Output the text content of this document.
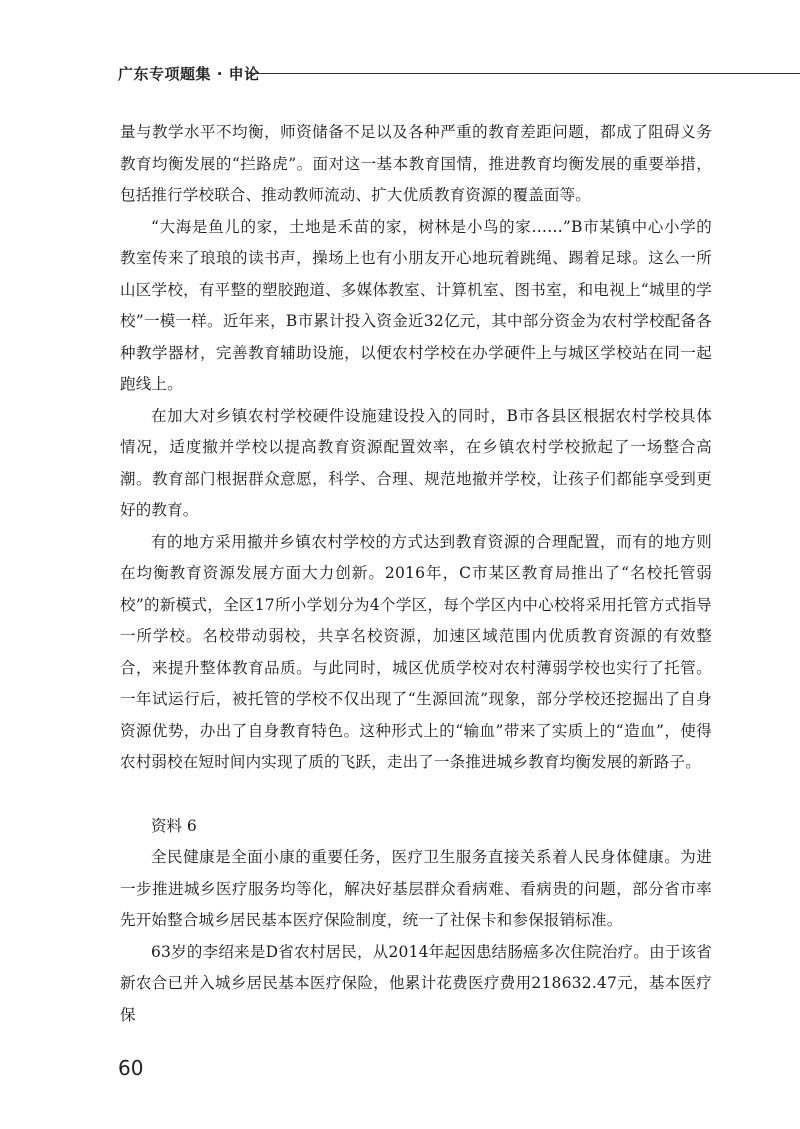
广东专项题集 · 申论

量与教学水平不均衡，师资储备不足以及各种严重的教育差距问题，都成了阻碍义务教育均衡发展的“拦路虎”。面对这一基本教育国情，推进教育均衡发展的重要举措，包括推行学校联合、推动教师流动、扩大优质教育资源的覆盖面等。

“大海是鱼儿的家，土地是禾苗的家，树林是小鸟的家……”B市某镇中心小学的教室传来了琅琅的读书声，操场上也有小朋友开心地玩着跳绳、踢着足球。这么一所山区学校，有平整的塑胶跑道、多媒体教室、计算机室、图书室，和电视上“城里的学校”一模一样。近年来，B市累计投入资金近32亿元，其中部分资金为农村学校配备各种教学器材，完善教育辅助设施，以便农村学校在办学硬件上与城区学校站在同一起跑线上。

在加大对乡镇农村学校硬件设施建设投入的同时，B市各县区根据农村学校具体情况，适度撤并学校以提高教育资源配置效率，在乡镇农村学校掀起了一场整合高潮。教育部门根据群众意愿，科学、合理、规范地撤并学校，让孩子们都能享受到更好的教育。

有的地方采用撤并乡镇农村学校的方式达到教育资源的合理配置，而有的地方则在均衡教育资源发展方面大力创新。2016年，C市某区教育局推出了“名校托管弱校”的新模式，全区17所小学划分为4个学区，每个学区内中心校将采用托管方式指导一所学校。名校带动弱校，共享名校资源，加速区域范围内优质教育资源的有效整合，来提升整体教育品质。与此同时，城区优质学校对农村薄弱学校也实行了托管。一年试运行后，被托管的学校不仅出现了“生源回流”现象，部分学校还挖掘出了自身资源优势，办出了自身教育特色。这种形式上的“输血”带来了实质上的“造血”，使得农村弱校在短时间内实现了质的飞跃，走出了一条推进城乡教育均衡发展的新路子。

资料 6

全民健康是全面小康的重要任务，医疗卫生服务直接关系着人民身体健康。为进一步推进城乡医疗服务均等化，解决好基层群众看病难、看病贵的问题，部分省市率先开始整合城乡居民基本医疗保险制度，统一了社保卡和参保报销标准。

63岁的李绍来是D省农村居民，从2014年起因患结肠癌多次住院治疗。由于该省新农合已并入城乡居民基本医疗保险，他累计花费医疗费用218632.47元，基本医疗保

60
